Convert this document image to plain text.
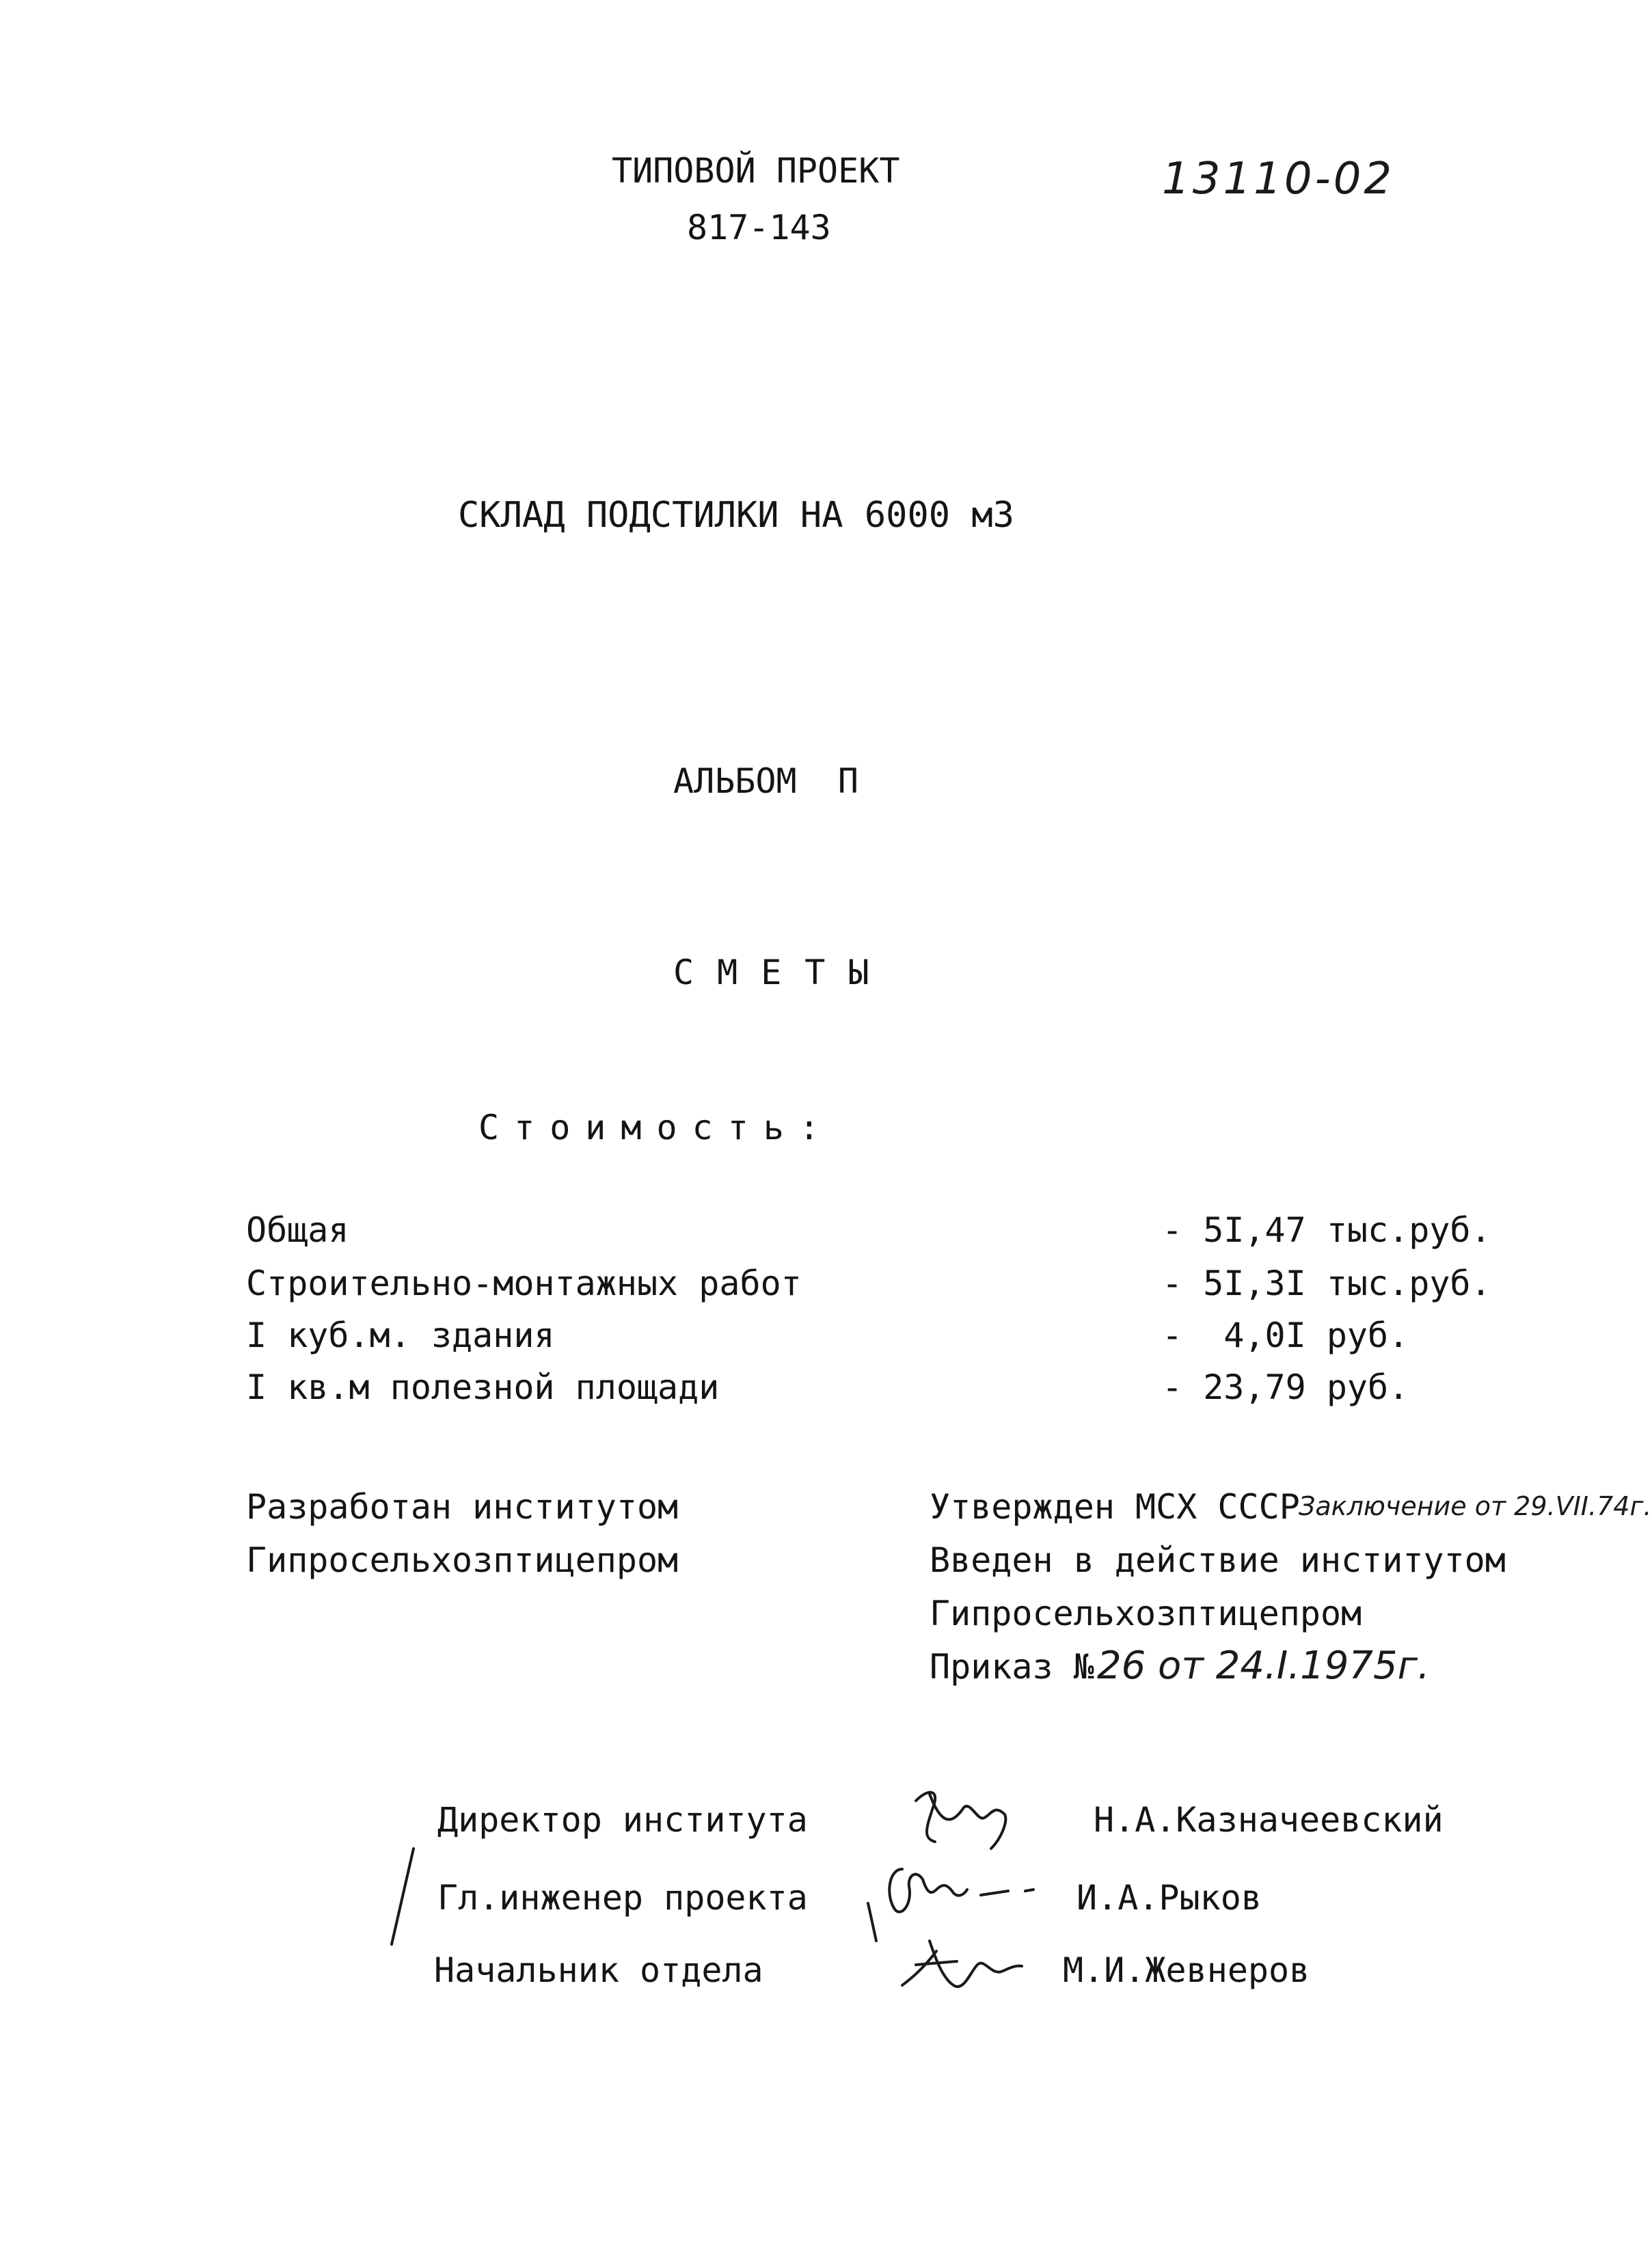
ТИПОВОЙ ПРОЕКТ
817-143
13110-02
СКЛАД ПОДСТИЛКИ НА 6000 м3
АЛЬБОМ  П
СМЕТЫ
Стоимость:
Общая	- 5I,47 тыс.руб.
Строительно-монтажных работ	- 5I,3I тыс.руб.
I куб.м. здания	-  4,0I руб.
I кв.м полезной площади	- 23,79 руб.
Разработан институтом
Гипросельхозптицепром
Утвержден МСХ СССР
Заключение от 29.VII.74г.
Введен в действие институтом
Гипросельхозптицепром
Приказ № 26 от 24.I.1975г.
Директор института	Н.А.Казначеевский
Гл.инженер проекта	И.А.Рыков
Начальник отдела	М.И.Жевнеров
